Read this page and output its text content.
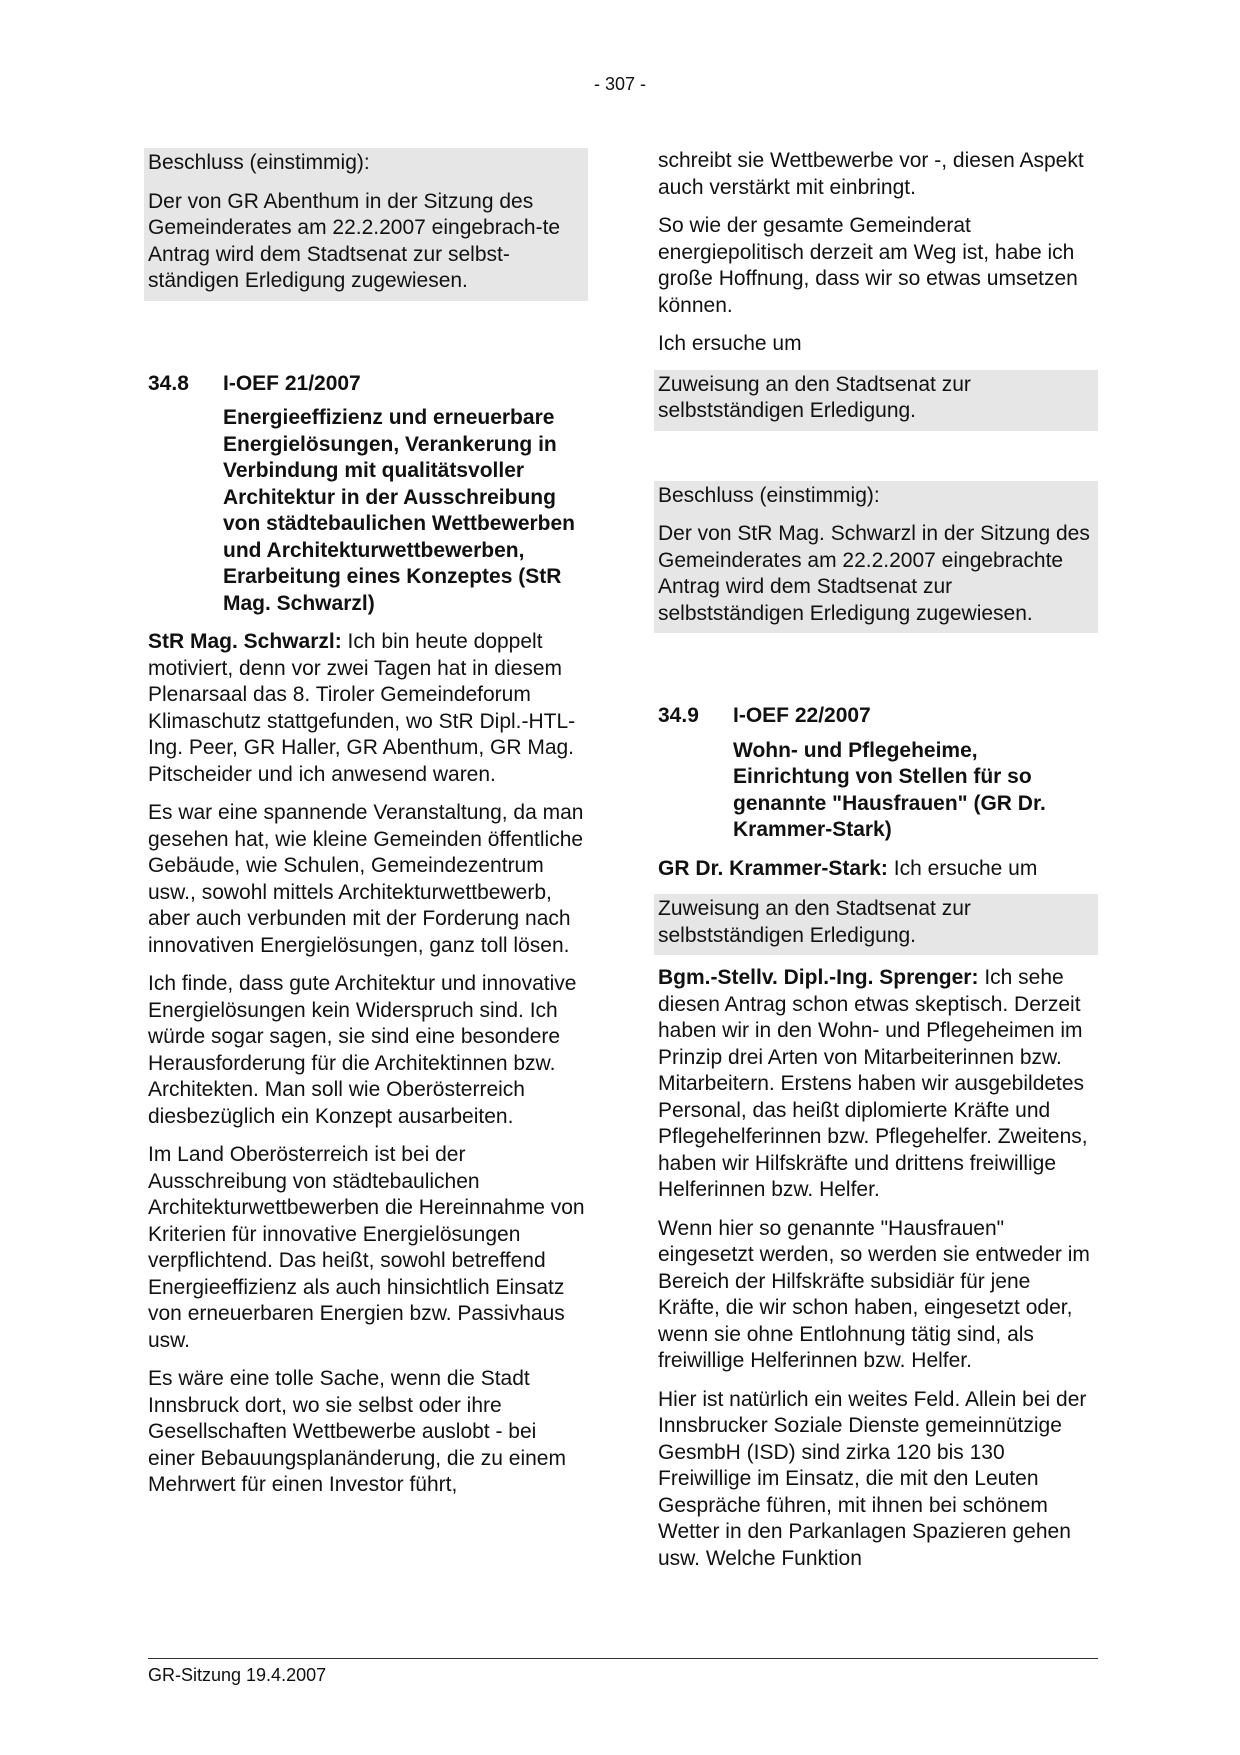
- 307 -

Beschluss (einstimmig):

Der von GR Abenthum in der Sitzung des Gemeinderates am 22.2.2007 eingebrach-te Antrag wird dem Stadtsenat zur selbst-ständigen Erledigung zugewiesen.

34.8	I-OEF 21/2007

Energieeffizienz und erneuerbare Energielösungen, Verankerung in Verbindung mit qualitätsvoller Architektur in der Ausschreibung von städtebaulichen Wettbewerben und Architekturwettbewerben, Erarbeitung eines Konzeptes (StR Mag. Schwarzl)

StR Mag. Schwarzl: Ich bin heute doppelt motiviert, denn vor zwei Tagen hat in diesem Plenarsaal das 8. Tiroler Gemeindeforum Klimaschutz stattgefunden, wo StR Dipl.-HTL-Ing. Peer, GR Haller, GR Abenthum, GR Mag. Pitscheider und ich anwesend waren.

Es war eine spannende Veranstaltung, da man gesehen hat, wie kleine Gemeinden öffentliche Gebäude, wie Schulen, Gemeindezentrum usw., sowohl mittels Architekturwettbewerb, aber auch verbunden mit der Forderung nach innovativen Energielösungen, ganz toll lösen.

Ich finde, dass gute Architektur und innovative Energielösungen kein Widerspruch sind. Ich würde sogar sagen, sie sind eine besondere Herausforderung für die Architektinnen bzw. Architekten. Man soll wie Oberösterreich diesbezüglich ein Konzept ausarbeiten.

Im Land Oberösterreich ist bei der Ausschreibung von städtebaulichen Architekturwettbewerben die Hereinnahme von Kriterien für innovative Energielösungen verpflichtend. Das heißt, sowohl betreffend Energieeffizienz als auch hinsichtlich Einsatz von erneuerbaren Energien bzw. Passivhaus usw.

Es wäre eine tolle Sache, wenn die Stadt Innsbruck dort, wo sie selbst oder ihre Gesellschaften Wettbewerbe auslobt - bei einer Bebauungsplanänderung, die zu einem Mehrwert für einen Investor führt,

schreibt sie Wettbewerbe vor -, diesen Aspekt auch verstärkt mit einbringt.

So wie der gesamte Gemeinderat energiepolitisch derzeit am Weg ist, habe ich große Hoffnung, dass wir so etwas umsetzen können.

Ich ersuche um

Zuweisung an den Stadtsenat zur selbstständigen Erledigung.

Beschluss (einstimmig):

Der von StR Mag. Schwarzl in der Sitzung des Gemeinderates am 22.2.2007 eingebrachte Antrag wird dem Stadtsenat zur selbstständigen Erledigung zugewiesen.

34.9	I-OEF 22/2007

Wohn- und Pflegeheime, Einrichtung von Stellen für so genannte "Hausfrauen" (GR Dr. Krammer-Stark)

GR Dr. Krammer-Stark: Ich ersuche um

Zuweisung an den Stadtsenat zur selbstständigen Erledigung.

Bgm.-Stellv. Dipl.-Ing. Sprenger: Ich sehe diesen Antrag schon etwas skeptisch. Derzeit haben wir in den Wohn- und Pflegeheimen im Prinzip drei Arten von Mitarbeiterinnen bzw. Mitarbeitern. Erstens haben wir ausgebildetes Personal, das heißt diplomierte Kräfte und Pflegehelferinnen bzw. Pflegehelfer. Zweitens, haben wir Hilfskräfte und drittens freiwillige Helferinnen bzw. Helfer.

Wenn hier so genannte "Hausfrauen" eingesetzt werden, so werden sie entweder im Bereich der Hilfskräfte subsidiär für jene Kräfte, die wir schon haben, eingesetzt oder, wenn sie ohne Entlohnung tätig sind, als freiwillige Helferinnen bzw. Helfer.

Hier ist natürlich ein weites Feld. Allein bei der Innsbrucker Soziale Dienste gemeinnützige GesmbH (ISD) sind zirka 120 bis 130 Freiwillige im Einsatz, die mit den Leuten Gespräche führen, mit ihnen bei schönem Wetter in den Parkanlagen Spazieren gehen usw. Welche Funktion

GR-Sitzung 19.4.2007
